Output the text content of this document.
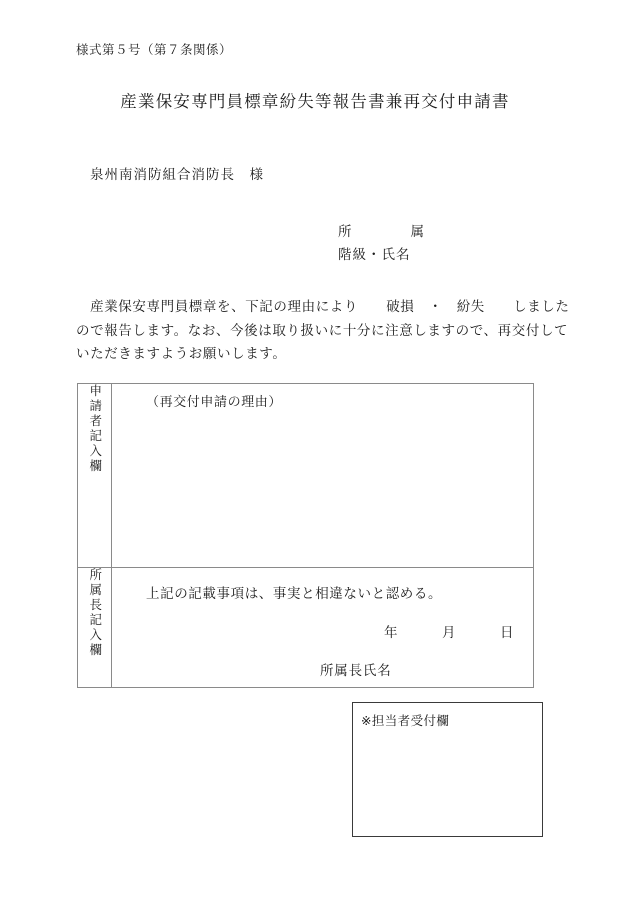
様式第５号（第７条関係）
産業保安専門員標章紛失等報告書兼再交付申請書
泉州南消防組合消防長　様
所　　　　属
階級・氏名
　産業保安専門員標章を、下記の理由により　　破損　・　紛失　　しました
ので報告します。なお、今後は取り扱いに十分に注意しますので、再交付して
いただきますようお願いします。
申請者記入欄	（再交付申請の理由）

所属長記入欄	上記の記載事項は、事実と相違ないと認める。
年　　　月　　　日
所属長氏名
※担当者受付欄
